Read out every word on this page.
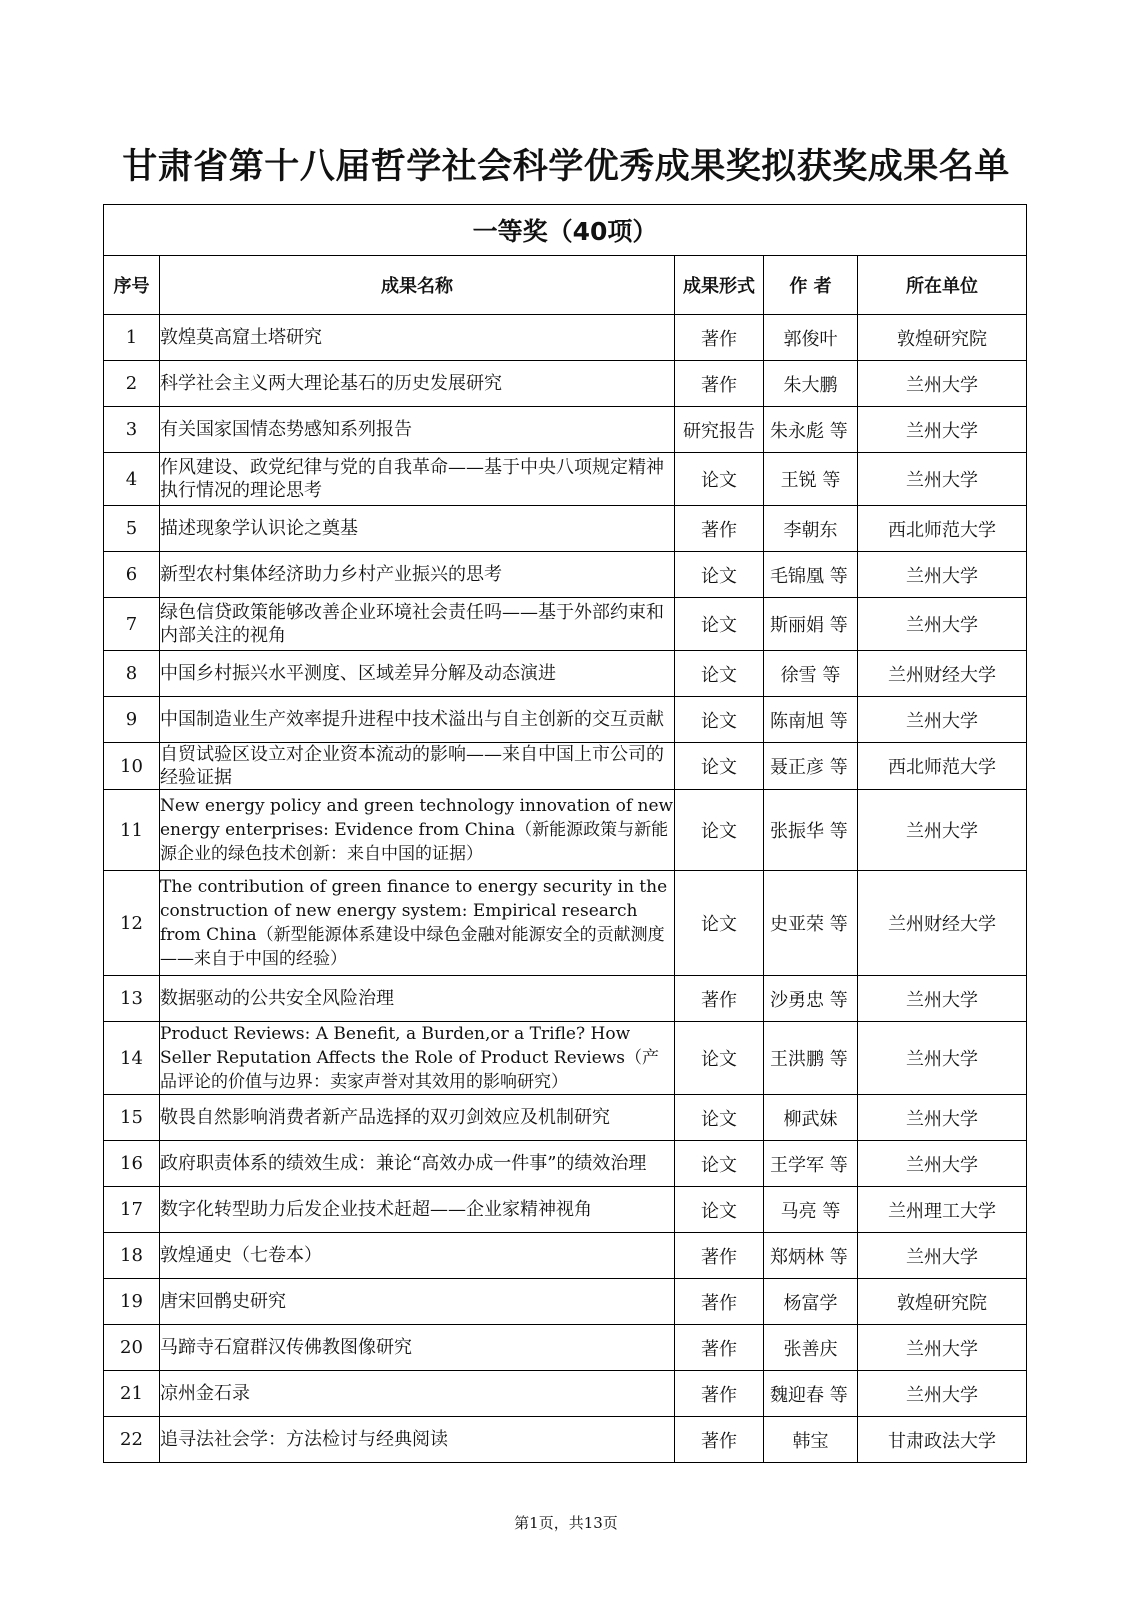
甘肃省第十八届哲学社会科学优秀成果奖拟获奖成果名单
一等奖（40项）				
序号	成果名称	成果形式	作 者	所在单位
1	敦煌莫高窟土塔研究	著作	郭俊叶	敦煌研究院
2	科学社会主义两大理论基石的历史发展研究	著作	朱大鹏	兰州大学
3	有关国家国情态势感知系列报告	研究报告	朱永彪 等	兰州大学
4	作风建设、政党纪律与党的自我革命——基于中央八项规定精神执行情况的理论思考	论文	王锐 等	兰州大学
5	描述现象学认识论之奠基	著作	李朝东	西北师范大学
6	新型农村集体经济助力乡村产业振兴的思考	论文	毛锦凰 等	兰州大学
7	绿色信贷政策能够改善企业环境社会责任吗——基于外部约束和内部关注的视角	论文	斯丽娟 等	兰州大学
8	中国乡村振兴水平测度、区域差异分解及动态演进	论文	徐雪 等	兰州财经大学
9	中国制造业生产效率提升进程中技术溢出与自主创新的交互贡献	论文	陈南旭 等	兰州大学
10	自贸试验区设立对企业资本流动的影响——来自中国上市公司的经验证据	论文	聂正彦 等	西北师范大学
11	New energy policy and green technology innovation of new energy enterprises: Evidence from China（新能源政策与新能源企业的绿色技术创新：来自中国的证据）	论文	张振华 等	兰州大学
12	The contribution of green finance to energy security in the construction of new energy system: Empirical research from China（新型能源体系建设中绿色金融对能源安全的贡献测度——来自于中国的经验）	论文	史亚荣 等	兰州财经大学
13	数据驱动的公共安全风险治理	著作	沙勇忠 等	兰州大学
14	Product Reviews: A Benefit, a Burden,or a Trifle? How Seller Reputation Affects the Role of Product Reviews（产品评论的价值与边界：卖家声誉对其效用的影响研究）	论文	王洪鹏 等	兰州大学
15	敬畏自然影响消费者新产品选择的双刃剑效应及机制研究	论文	柳武妹	兰州大学
16	政府职责体系的绩效生成：兼论“高效办成一件事”的绩效治理	论文	王学军 等	兰州大学
17	数字化转型助力后发企业技术赶超——企业家精神视角	论文	马亮 等	兰州理工大学
18	敦煌通史（七卷本）	著作	郑炳林 等	兰州大学
19	唐宋回鹘史研究	著作	杨富学	敦煌研究院
20	马蹄寺石窟群汉传佛教图像研究	著作	张善庆	兰州大学
21	凉州金石录	著作	魏迎春 等	兰州大学
22	追寻法社会学：方法检讨与经典阅读	著作	韩宝	甘肃政法大学
第1页，共13页
